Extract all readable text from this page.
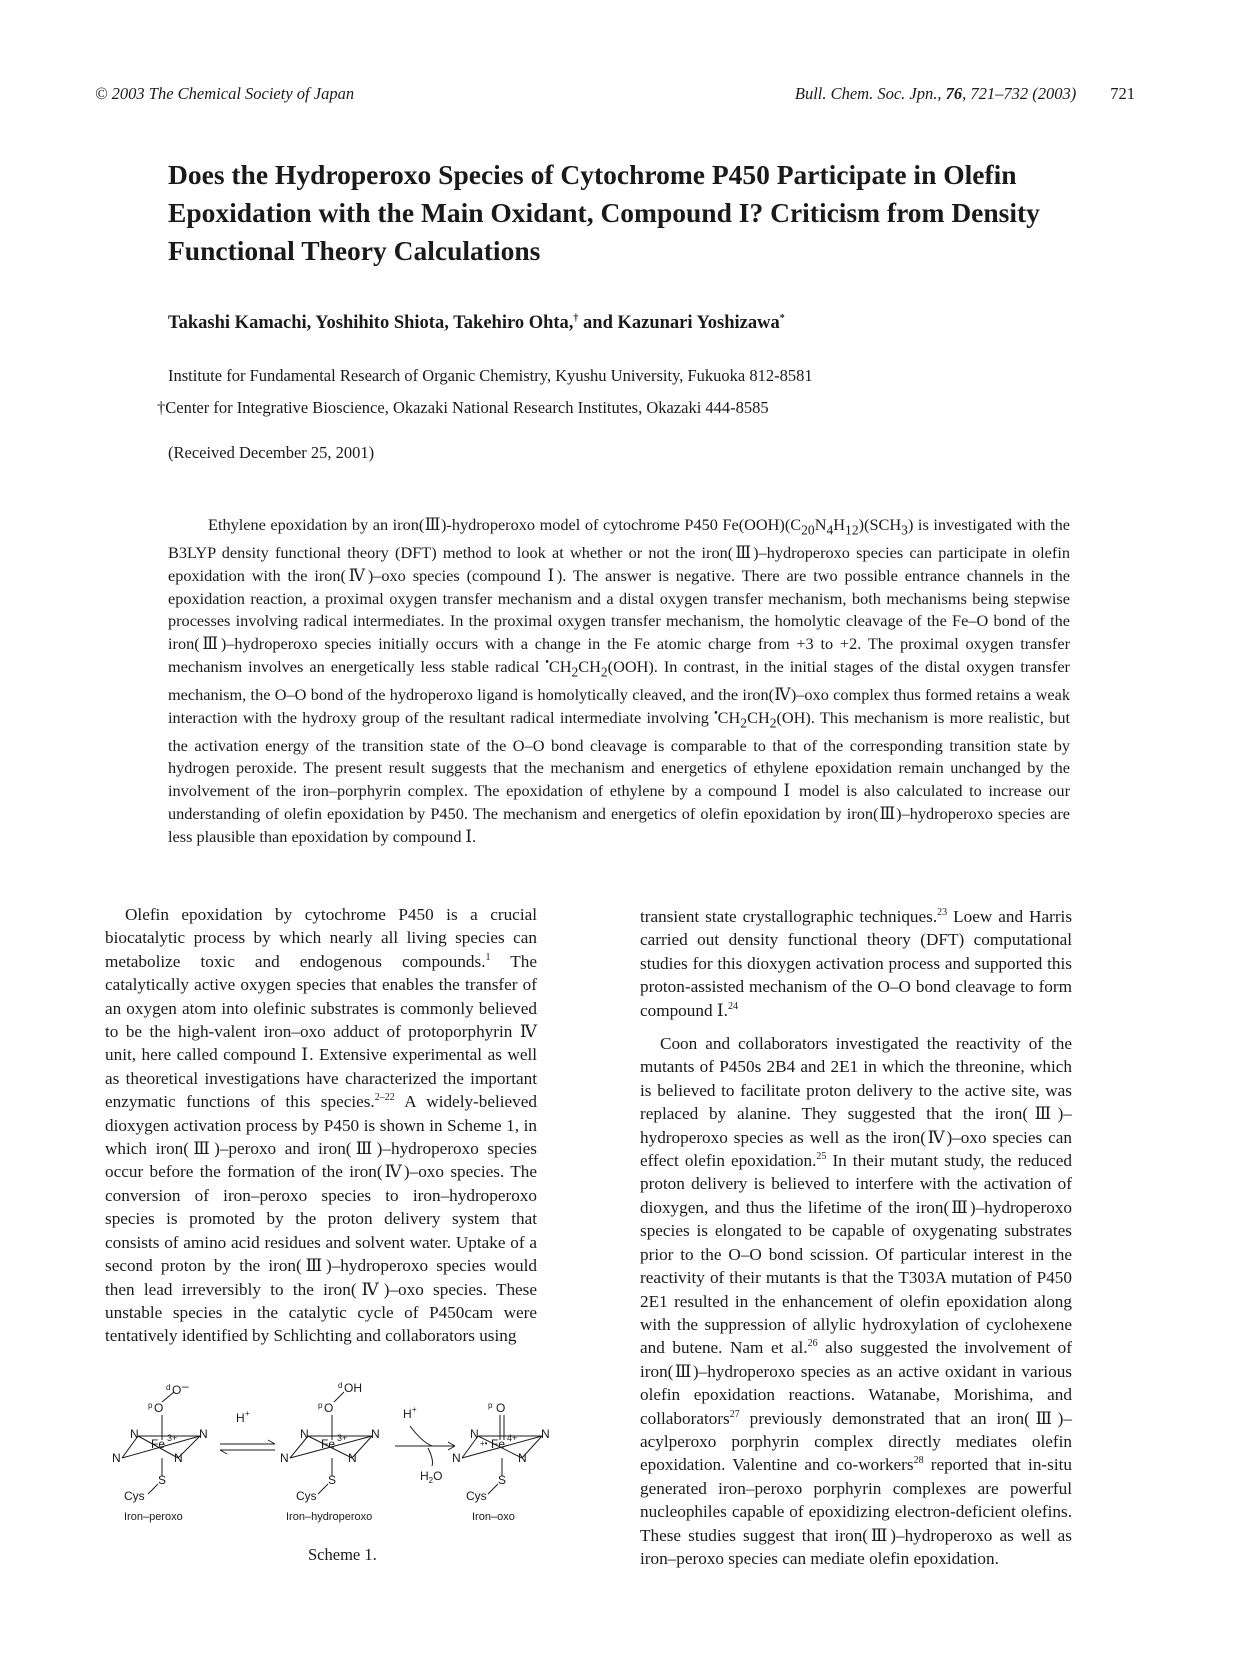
© 2003 The Chemical Society of Japan	Bull. Chem. Soc. Jpn., 76, 721–732 (2003) 721
Does the Hydroperoxo Species of Cytochrome P450 Participate in Olefin Epoxidation with the Main Oxidant, Compound I? Criticism from Density Functional Theory Calculations
Takashi Kamachi, Yoshihito Shiota, Takehiro Ohta,† and Kazunari Yoshizawa*
Institute for Fundamental Research of Organic Chemistry, Kyushu University, Fukuoka 812-8581
†Center for Integrative Bioscience, Okazaki National Research Institutes, Okazaki 444-8585
(Received December 25, 2001)
Ethylene epoxidation by an iron(Ⅲ)-hydroperoxo model of cytochrome P450 $Fe(OOH)(C_{20}N_4H_{12})(SCH_3)$ is investigated with the B3LYP density functional theory (DFT) method to look at whether or not the iron(Ⅲ)–hydroperoxo species can participate in olefin epoxidation with the iron(Ⅳ)–oxo species (compound Ⅰ). The answer is negative. There are two possible entrance channels in the epoxidation reaction, a proximal oxygen transfer mechanism and a distal oxygen transfer mechanism, both mechanisms being stepwise processes involving radical intermediates. In the proximal oxygen transfer mechanism, the homolytic cleavage of the Fe–O bond of the iron(Ⅲ)–hydroperoxo species initially occurs with a change in the Fe atomic charge from +3 to +2. The proximal oxygen transfer mechanism involves an energetically less stable radical $^•CH_2CH_2(OOH)$. In contrast, in the initial stages of the distal oxygen transfer mechanism, the O–O bond of the hydroperoxo ligand is homolytically cleaved, and the iron(Ⅳ)–oxo complex thus formed retains a weak interaction with the hydroxy group of the resultant radical intermediate involving $^•CH_2CH_2(OH)$. This mechanism is more realistic, but the activation energy of the transition state of the O–O bond cleavage is comparable to that of the corresponding transition state by hydrogen peroxide. The present result suggests that the mechanism and energetics of ethylene epoxidation remain unchanged by the involvement of the iron–porphyrin complex. The epoxidation of ethylene by a compound Ⅰ model is also calculated to increase our understanding of olefin epoxidation by P450. The mechanism and energetics of olefin epoxidation by iron(Ⅲ)–hydroperoxo species are less plausible than epoxidation by compound Ⅰ.

Olefin epoxidation by cytochrome P450 is a crucial biocatalytic process by which nearly all living species can metabolize toxic and endogenous compounds.$^1$ The catalytically active oxygen species that enables the transfer of an oxygen atom into olefinic substrates is commonly believed to be the high-valent iron–oxo adduct of protoporphyrin Ⅳ unit, here called compound Ⅰ. Extensive experimental as well as theoretical investigations have characterized the important enzymatic functions of this species.$^{2-22}$ A widely-believed dioxygen activation process by P450 is shown in Scheme 1, in which iron(Ⅲ)–peroxo and iron(Ⅲ)–hydroperoxo species occur before the formation of the iron(Ⅳ)–oxo species. The conversion of iron–peroxo species to iron–hydroperoxo species is promoted by the proton delivery system that consists of amino acid residues and solvent water. Uptake of a second proton by the iron(Ⅲ)–hydroperoxo species would then lead irreversibly to the iron(Ⅳ)–oxo species. These unstable species in the catalytic cycle of P450cam were tentatively identified by Schlichting and collaborators using

transient state crystallographic techniques.$^{23}$ Loew and Harris carried out density functional theory (DFT) computational studies for this dioxygen activation process and supported this proton-assisted mechanism of the O–O bond cleavage to form compound Ⅰ.$^{24}$

Coon and collaborators investigated the reactivity of the mutants of P450s 2B4 and 2E1 in which the threonine, which is believed to facilitate proton delivery to the active site, was replaced by alanine. They suggested that the iron(Ⅲ)–hydroperoxo species as well as the iron(Ⅳ)–oxo species can effect olefin epoxidation.$^{25}$ In their mutant study, the reduced proton delivery is believed to interfere with the activation of dioxygen, and thus the lifetime of the iron(Ⅲ)–hydroperoxo species is elongated to be capable of oxygenating substrates prior to the O–O bond scission. Of particular interest in the reactivity of their mutants is that the T303A mutation of P450 2E1 resulted in the enhancement of olefin epoxidation along with the suppression of allylic hydroxylation of cyclohexene and butene. Nam et al.$^{26}$ also suggested the involvement of iron(Ⅲ)–hydroperoxo species as an active oxidant in various olefin epoxidation reactions. Watanabe, Morishima, and collaborators$^{27}$ previously demonstrated that an iron(Ⅲ)–acylperoxo porphyrin complex directly mediates olefin epoxidation. Valentine and co-workers$^{28}$ reported that in-situ generated iron–peroxo porphyrin complexes are powerful nucleophiles capable of epoxidizing electron-deficient olefins. These studies suggest that iron(Ⅲ)–hydroperoxo as well as iron–peroxo species can mediate olefin epoxidation.

Fe 3+
N	N
N	N
p O
d O –
S
Cys
Iron–peroxo
H +
Fe 3+
N	N
N	N
p O
d OH
S
Cys
Iron–hydroperoxo
H +
$H_2O$
Fe 4+
+•
N	N
N	N
p O
S
Cys
Iron–oxo
Scheme 1.
